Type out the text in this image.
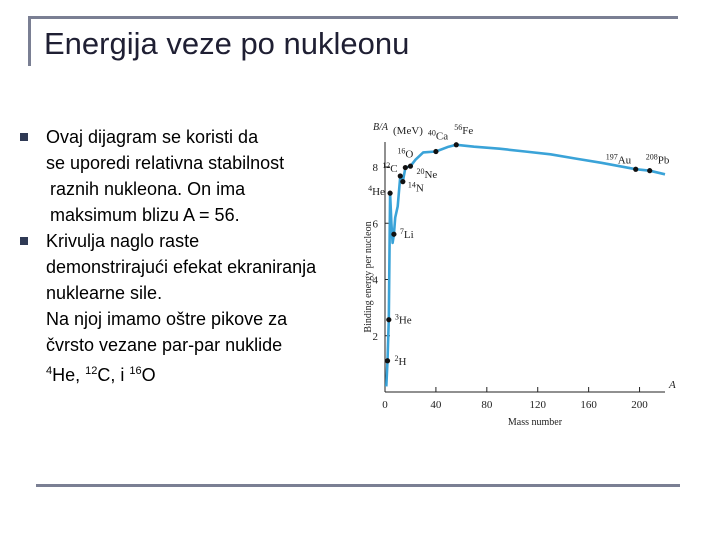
Energija veze po nukleonu
Ovaj dijagram se koristi da
se uporedi relativna stabilnost
raznih nukleona. On ima
maksimum blizu A = 56.
Krivulja naglo raste
demonstrirajući efekat ekraniranja
nuklearne sile.
Na njoj imamo oštre pikove za
čvrsto vezane par-par nuklide
$^4$He, $^{12}$C, i $^{16}$O
0	40	80	120	160	200
2
4
6
8
A
B/A (MeV)
Mass number
Binding energy per nucleon
$^2$H
$^3$He
$^7$Li
$^4$He
$^{12}$C
$^{14}$N
$^{16}$O
$^{20}$Ne
$^{40}$Ca
$^{56}$Fe
$^{197}$Au $^{208}$Pb
